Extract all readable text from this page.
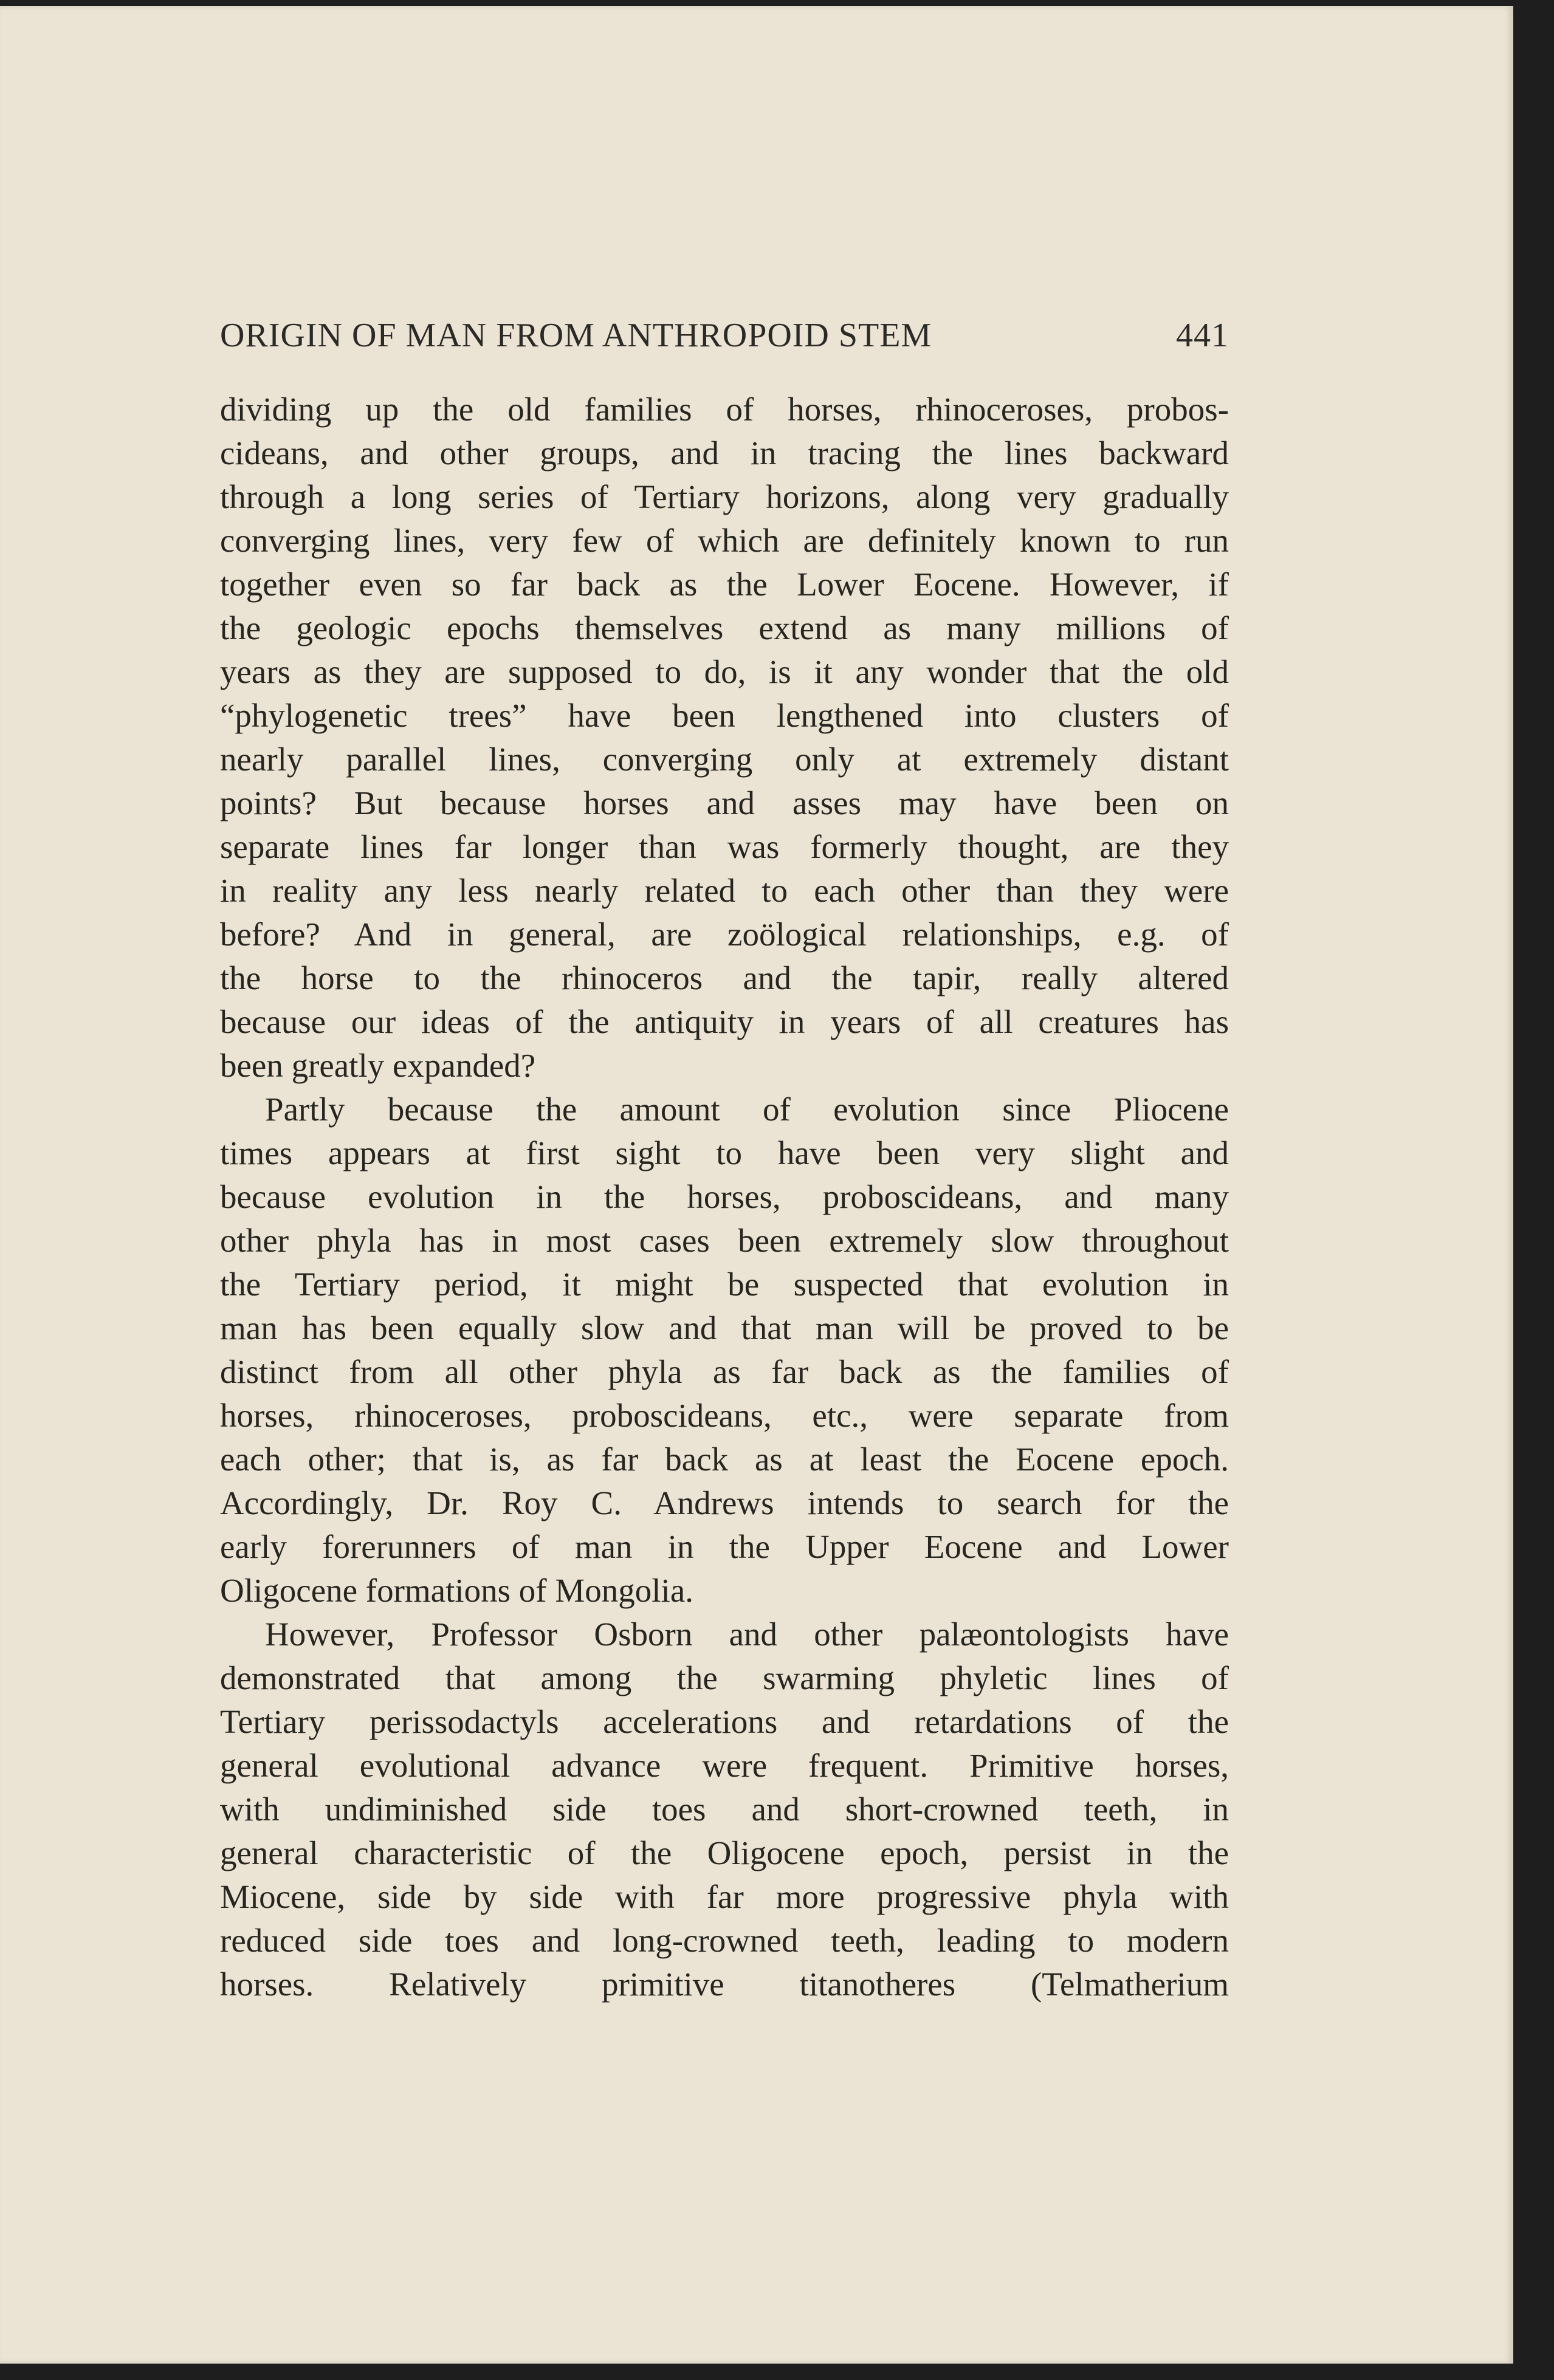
ORIGIN OF MAN FROM ANTHROPOID STEM	441
dividing up the old families of horses, rhinoceroses, probos-
cideans, and other groups, and in tracing the lines backward
through a long series of Tertiary horizons, along very gradually
converging lines, very few of which are definitely known to run
together even so far back as the Lower Eocene. However, if
the geologic epochs themselves extend as many millions of
years as they are supposed to do, is it any wonder that the old
“phylogenetic trees” have been lengthened into clusters of
nearly parallel lines, converging only at extremely distant
points? But because horses and asses may have been on
separate lines far longer than was formerly thought, are they
in reality any less nearly related to each other than they were
before? And in general, are zoölogical relationships, e.g. of
the horse to the rhinoceros and the tapir, really altered
because our ideas of the antiquity in years of all creatures has
been greatly expanded?
Partly because the amount of evolution since Pliocene
times appears at first sight to have been very slight and
because evolution in the horses, proboscideans, and many
other phyla has in most cases been extremely slow throughout
the Tertiary period, it might be suspected that evolution in
man has been equally slow and that man will be proved to be
distinct from all other phyla as far back as the families of
horses, rhinoceroses, proboscideans, etc., were separate from
each other; that is, as far back as at least the Eocene epoch.
Accordingly, Dr. Roy C. Andrews intends to search for the
early forerunners of man in the Upper Eocene and Lower
Oligocene formations of Mongolia.
However, Professor Osborn and other palæontologists have
demonstrated that among the swarming phyletic lines of
Tertiary perissodactyls accelerations and retardations of the
general evolutional advance were frequent. Primitive horses,
with undiminished side toes and short-crowned teeth, in
general characteristic of the Oligocene epoch, persist in the
Miocene, side by side with far more progressive phyla with
reduced side toes and long-crowned teeth, leading to modern
horses. Relatively primitive titanotheres (Telmatherium
